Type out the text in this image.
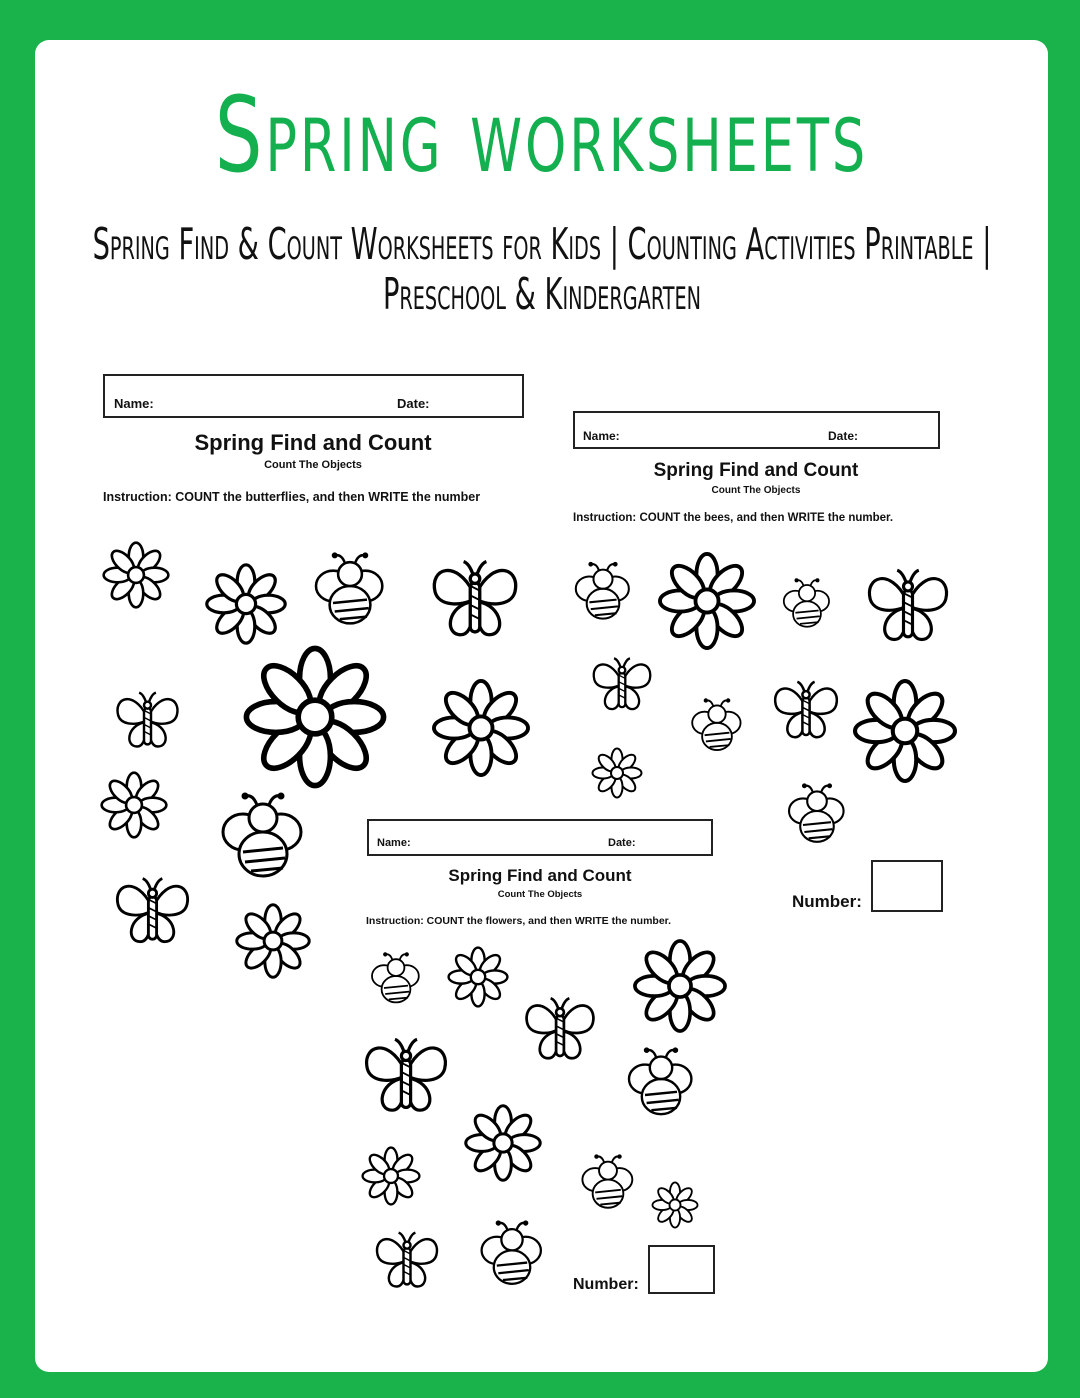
Spring worksheets

Spring Find & Count Worksheets for Kids | Counting Activities Printable | Preschool & Kindergarten

Name:	Date:
Spring Find and Count
Count The Objects
Instruction: COUNT the butterflies, and then WRITE the number
Name:	Date:
Spring Find and Count
Count The Objects
Instruction: COUNT the bees, and then WRITE the number.
Number:
Name:	Date:
Spring Find and Count
Count The Objects
Instruction: COUNT the flowers, and then WRITE the number.
Number:
